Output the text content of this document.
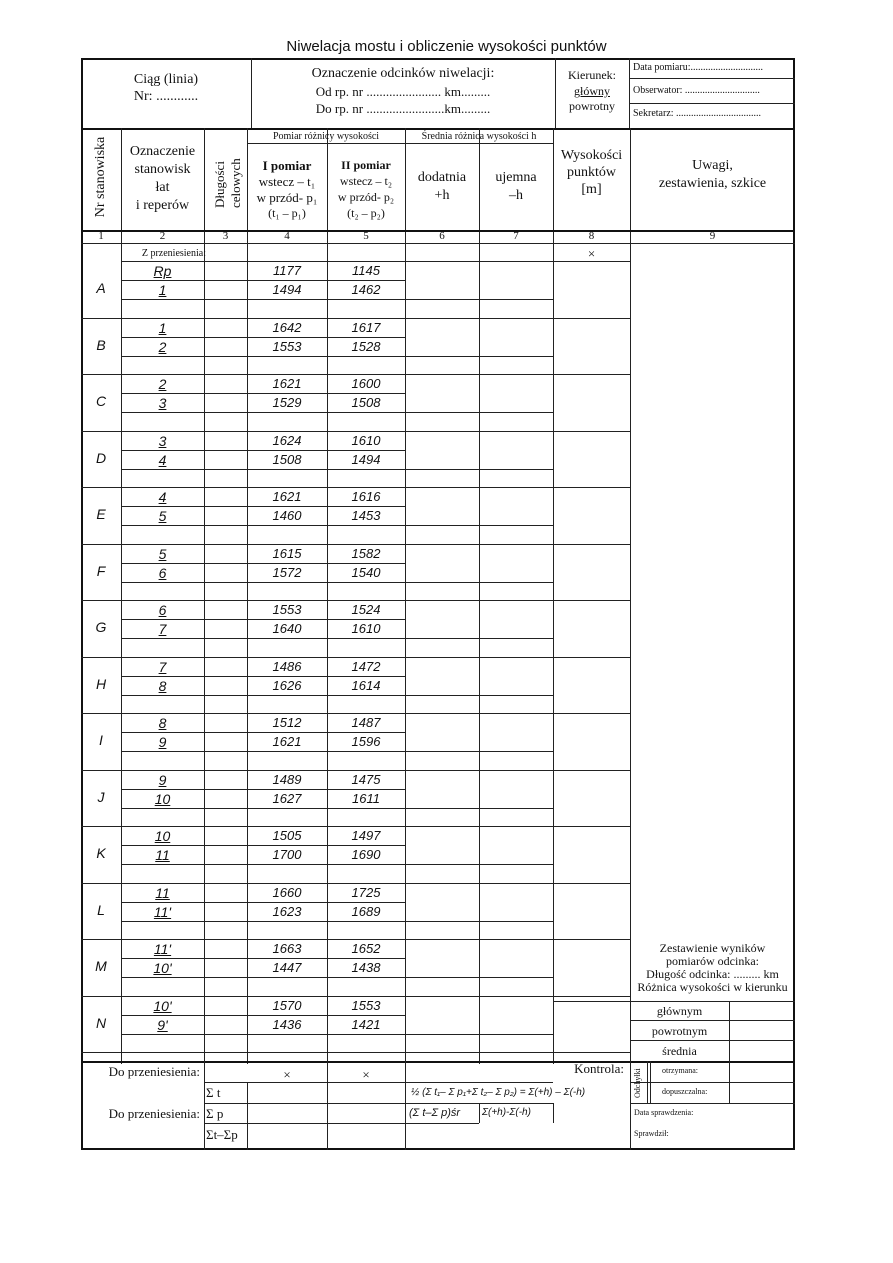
Niwelacja mostu i obliczenie wysokości punktów
Ciąg (linia)
Nr: ............
Oznaczenie odcinków niwelacji:
Od rp. nr ....................... km.........
Do rp. nr ........................km.........
Kierunek:
główny
powrotny
Data pomiaru:.............................
Obserwator: ..............................
Sekretarz: ..................................
Nr stanowiska	Oznaczenie
stanowisk
łat
i reperów	Długości celowych
Pomiar różnicy wysokości	Średnia różnica wysokości h
I pomiar
wstecz – t₁
w przód- p₁
(t₁ – p₁)
II pomiar
wstecz – t₂
w przód- p₂
(t₂ – p₂)
dodatnia
+h
ujemna
–h
Wysokości
punktów
[m]
Uwagi,
zestawienia, szkice
1	2	3	4	5	6	7	8	9
Z przeniesienia:	×
A
Rp	1177	1145
1	1494	1462
B
1	1642	1617
2	1553	1528
C
2	1621	1600
3	1529	1508
D
3	1624	1610
4	1508	1494
E
4	1621	1616
5	1460	1453
F
5	1615	1582
6	1572	1540
G
6	1553	1524
7	1640	1610
H
7	1486	1472
8	1626	1614
I
8	1512	1487
9	1621	1596
J
9	1489	1475
10	1627	1611
K
10	1505	1497
11	1700	1690
L
11	1660	1725
11'	1623	1689
M
11'	1663	1652
10'	1447	1438
N
10'	1570	1553
9'	1436	1421
Zestawienie wyników
pomiarów odcinka:
Długość odcinka: ......... km
Różnica wysokości w kierunku
głównym
powrotnym
średnia
Do przeniesienia:	×	×	Kontrola:
Do przeniesienia:
Σ t
Σ p
Σt–Σp
½ (Σ t₁– Σ p₁+Σ t₂– Σ p₂) = Σ(+h) – Σ(-h)
(Σ t–Σ p)śr	Σ(+h)-Σ(-h)
Odchyłki	otrzymana:
dopuszczalna:
Data sprawdzenia:
Sprawdził:
